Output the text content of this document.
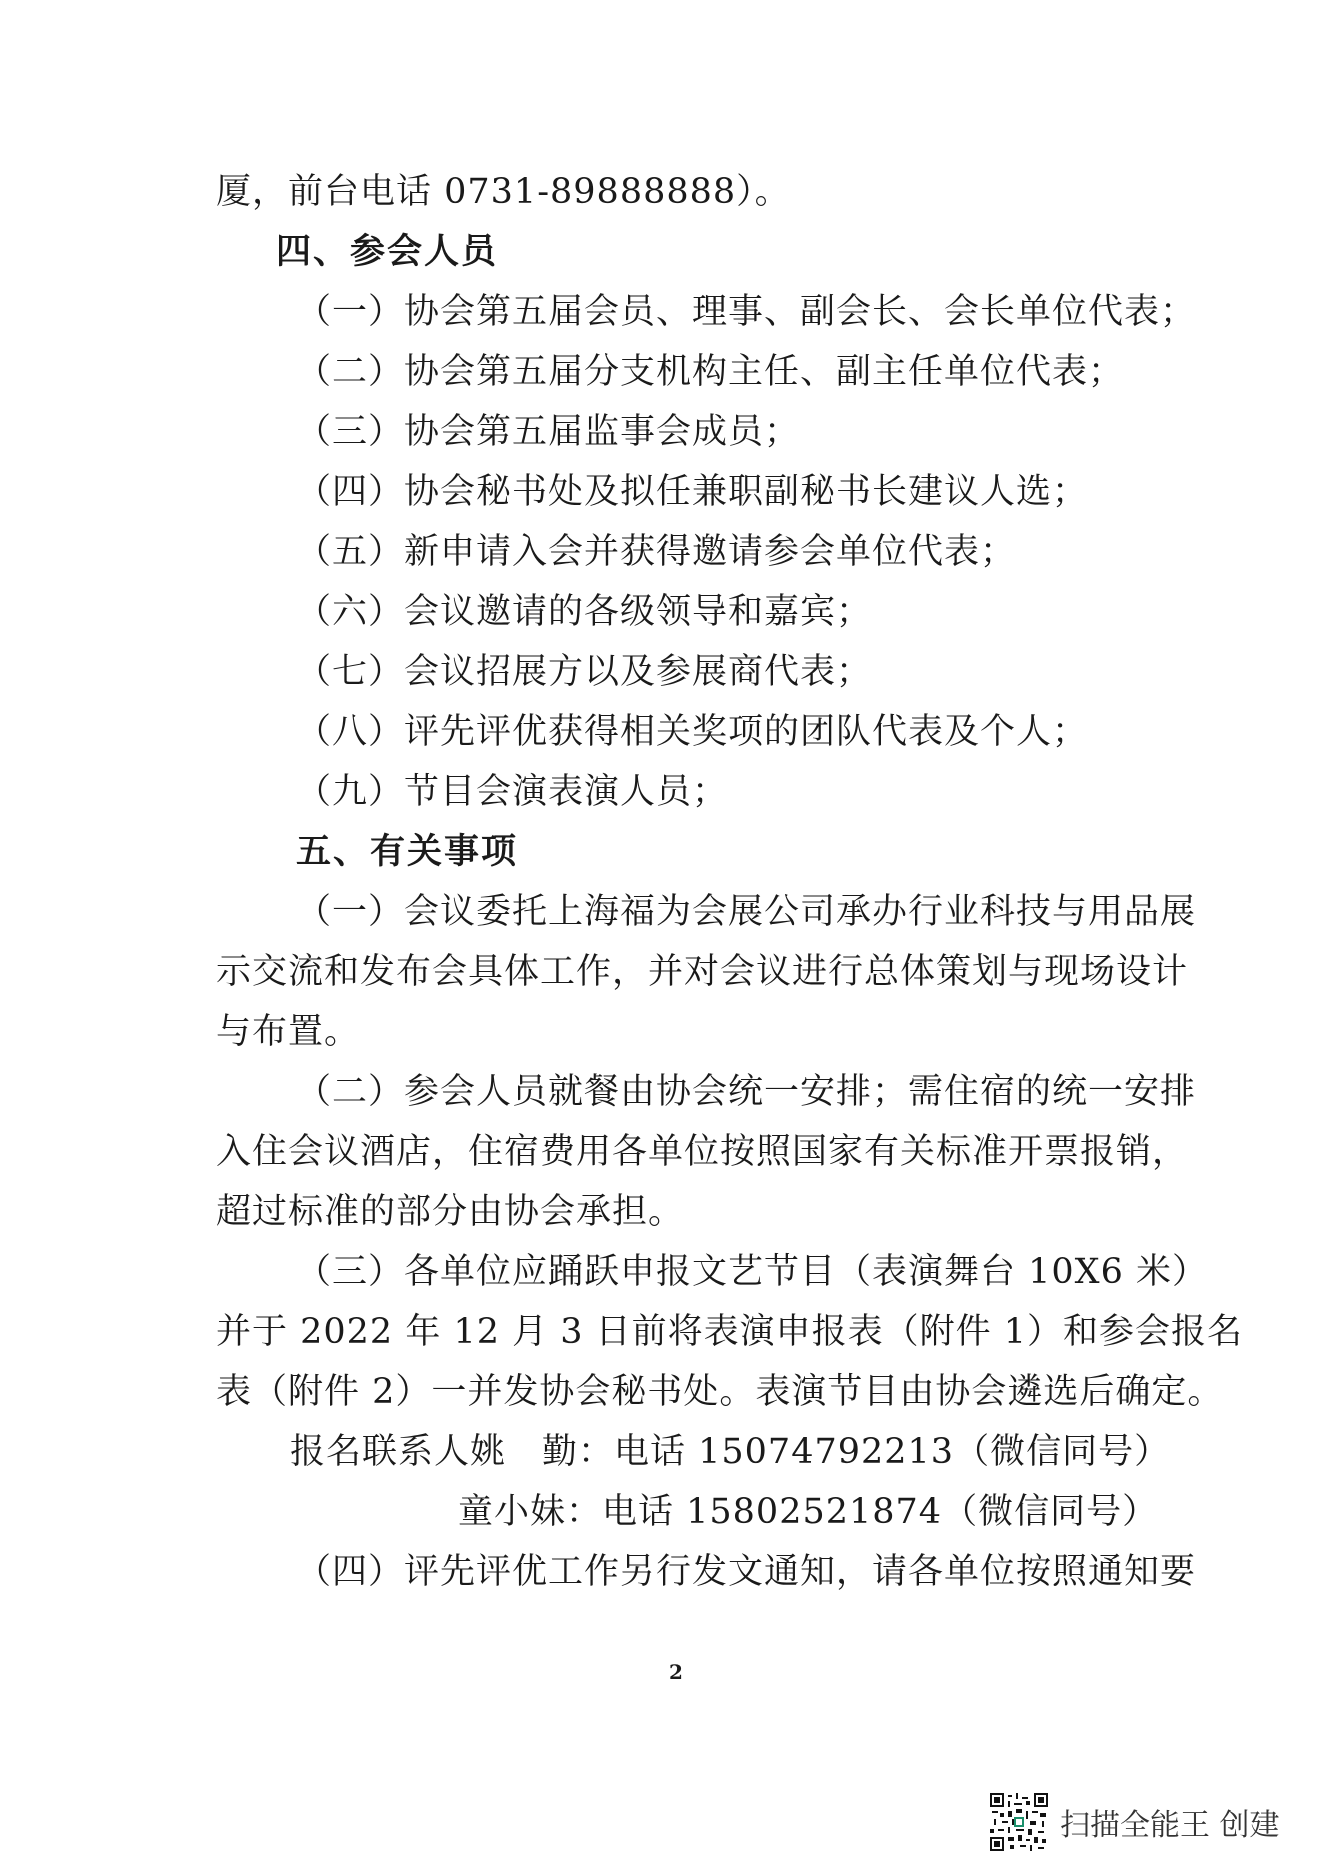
厦，前台电话 0731-89888888）。
四、参会人员
（一）协会第五届会员、理事、副会长、会长单位代表；
（二）协会第五届分支机构主任、副主任单位代表；
（三）协会第五届监事会成员；
（四）协会秘书处及拟任兼职副秘书长建议人选；
（五）新申请入会并获得邀请参会单位代表；
（六）会议邀请的各级领导和嘉宾；
（七）会议招展方以及参展商代表；
（八）评先评优获得相关奖项的团队代表及个人；
（九）节目会演表演人员；
五、有关事项
（一）会议委托上海福为会展公司承办行业科技与用品展
示交流和发布会具体工作，并对会议进行总体策划与现场设计
与布置。
（二）参会人员就餐由协会统一安排；需住宿的统一安排
入住会议酒店，住宿费用各单位按照国家有关标准开票报销，
超过标准的部分由协会承担。
（三）各单位应踊跃申报文艺节目（表演舞台 10X6 米）
并于 2022 年 12 月 3 日前将表演申报表（附件 1）和参会报名
表（附件 2）一并发协会秘书处。表演节目由协会遴选后确定。
报名联系人姚　勤：电话 15074792213（微信同号）
童小妹：电话 15802521874（微信同号）
（四）评先评优工作另行发文通知，请各单位按照通知要
2
扫描全能王 创建
